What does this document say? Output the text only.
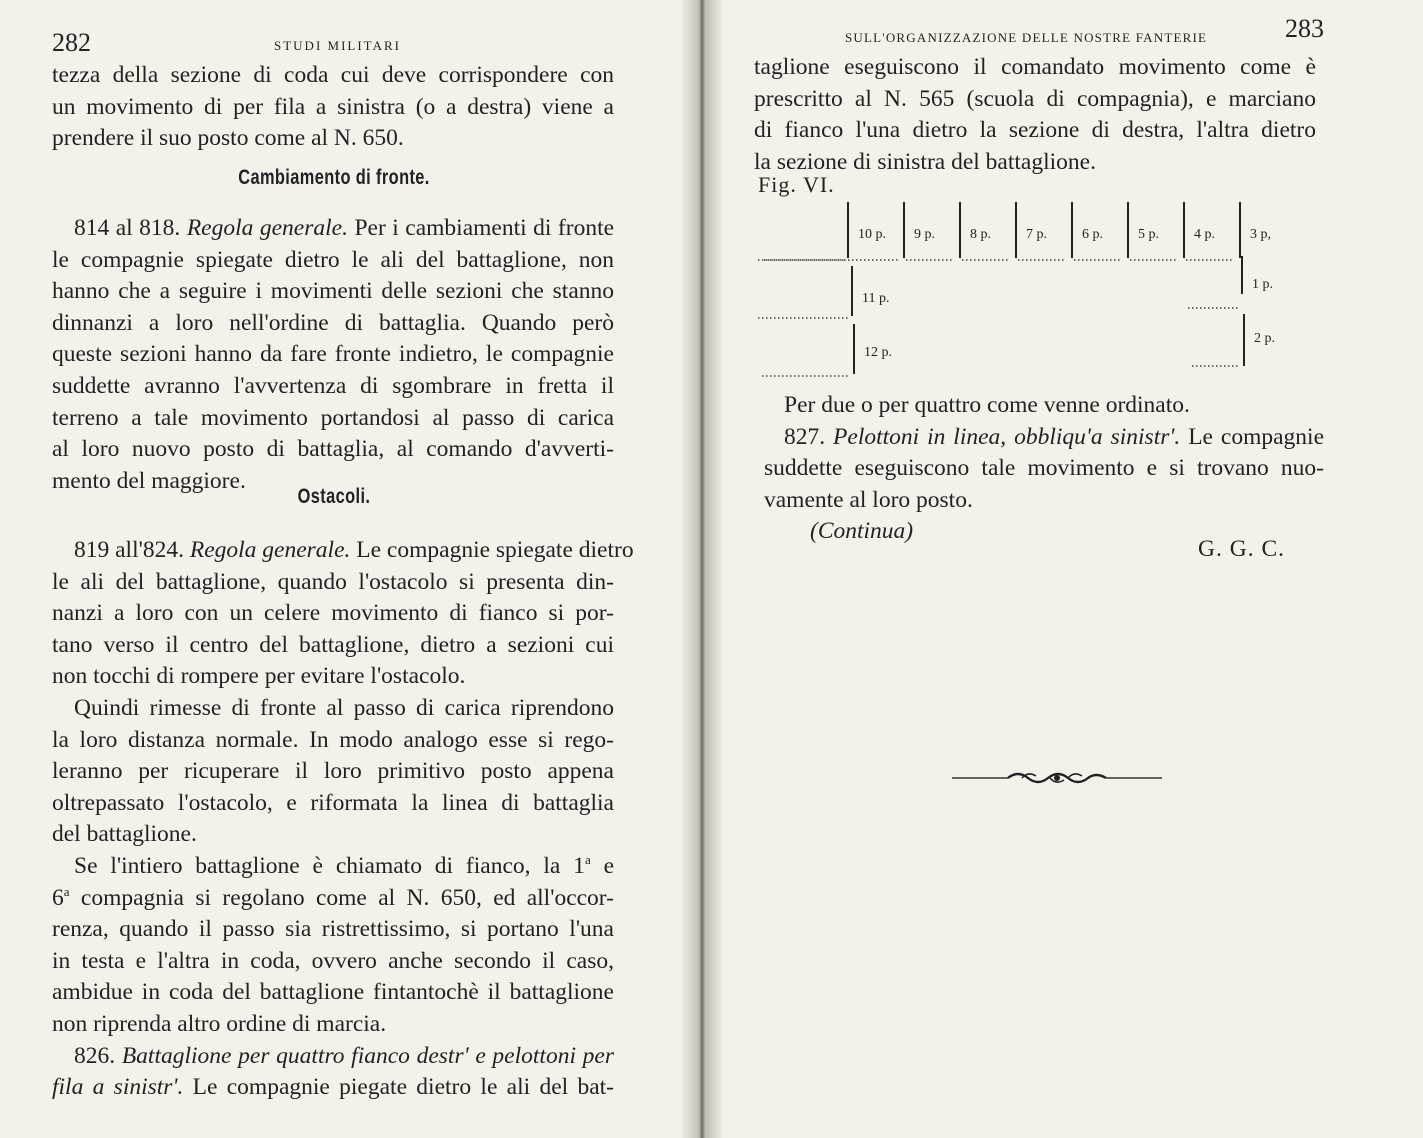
282	STUDI MILITARI
tezza della sezione di coda cui deve corrispondere con
un movimento di per fila a sinistra (o a destra) viene a
prendere il suo posto come al N. 650.
Cambiamento di fronte.
814 al 818. Regola generale. Per i cambiamenti di fronte
le compagnie spiegate dietro le ali del battaglione, non
hanno che a seguire i movimenti delle sezioni che stanno
dinnanzi a loro nell'ordine di battaglia. Quando però
queste sezioni hanno da fare fronte indietro, le compagnie
suddette avranno l'avvertenza di sgombrare in fretta il
terreno a tale movimento portandosi al passo di carica
al loro nuovo posto di battaglia, al comando d'avverti-
mento del maggiore.
Ostacoli.
819 all'824. Regola generale. Le compagnie spiegate dietro
le ali del battaglione, quando l'ostacolo si presenta din-
nanzi a loro con un celere movimento di fianco si por-
tano verso il centro del battaglione, dietro a sezioni cui
non tocchi di rompere per evitare l'ostacolo.
Quindi rimesse di fronte al passo di carica riprendono
la loro distanza normale. In modo analogo esse si rego-
leranno per ricuperare il loro primitivo posto appena
oltrepassato l'ostacolo, e riformata la linea di battaglia
del battaglione.
Se l'intiero battaglione è chiamato di fianco, la 1$^a$ e
6$^a$ compagnia si regolano come al N. 650, ed all'occor-
renza, quando il passo sia ristrettissimo, si portano l'una
in testa e l'altra in coda, ovvero anche secondo il caso,
ambidue in coda del battaglione fintantochè il battaglione
non riprenda altro ordine di marcia.
826. Battaglione per quattro fianco destr' e pelottoni per
fila a sinistr'. Le compagnie piegate dietro le ali del bat-
SULL'ORGANIZZAZIONE DELLE NOSTRE FANTERIE	283
taglione eseguiscono il comandato movimento come è
prescritto al N. 565 (scuola di compagnia), e marciano
di fianco l'una dietro la sezione di destra, l'altra dietro
la sezione di sinistra del battaglione.
Fig. VI.
10 p. 9 p.	8 p.	7 p.	6 p.	5 p.	4 p.	3 p,
11 p.
1 p.
12 p.
2 p.
Per due o per quattro come venne ordinato.
827. Pelottoni in linea, obbliqu'a sinistr'. Le compagnie
suddette eseguiscono tale movimento e si trovano nuo-
vamente al loro posto.
(Continua)
G. G. C.
